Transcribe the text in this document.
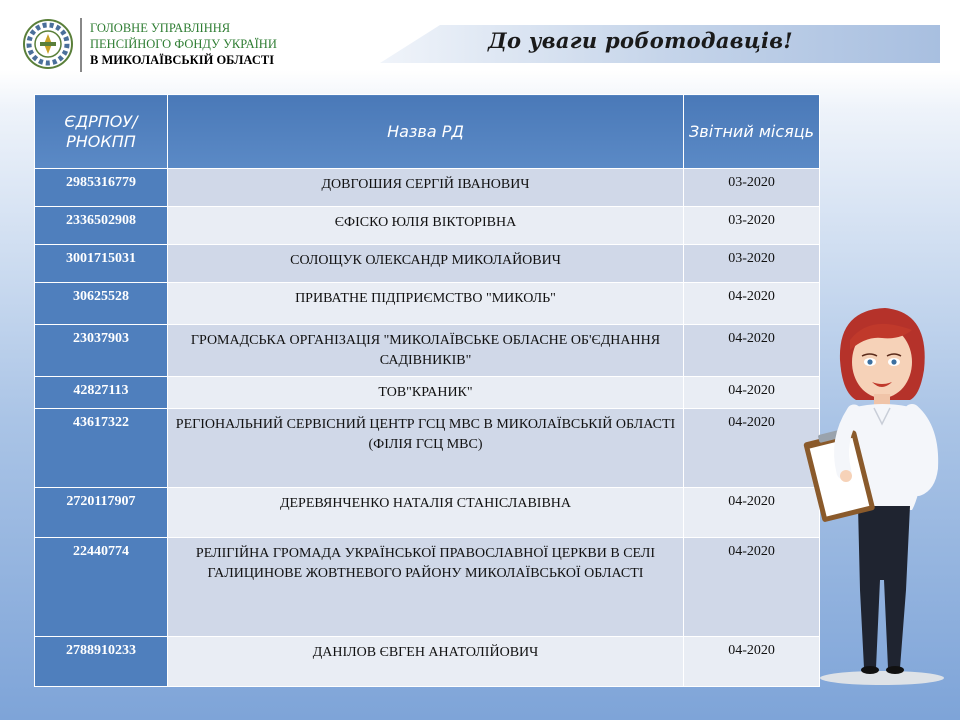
ГОЛОВНЕ УПРАВЛІННЯ
ПЕНСІЙНОГО ФОНДУ УКРАЇНИ
В МИКОЛАЇВСЬКІЙ ОБЛАСТІ
До уваги роботодавців!
ЄДРПОУ/ РНОКПП	Назва РД	Звітний місяць
2985316779	ДОВГОШИЯ СЕРГІЙ ІВАНОВИЧ	03-2020
2336502908	ЄФІСКО ЮЛІЯ ВІКТОРІВНА	03-2020
3001715031	СОЛОЩУК ОЛЕКСАНДР МИКОЛАЙОВИЧ	03-2020
30625528	ПРИВАТНЕ ПІДПРИЄМСТВО "МИКОЛЬ"	04-2020
23037903	ГРОМАДСЬКА ОРГАНІЗАЦІЯ "МИКОЛАЇВСЬКЕ ОБЛАСНЕ ОБ'ЄДНАННЯ САДІВНИКІВ"	04-2020
42827113	ТОВ"КРАНИК"	04-2020
43617322	РЕГІОНАЛЬНИЙ СЕРВІСНИЙ ЦЕНТР ГСЦ МВС В МИКОЛАЇВСЬКІЙ ОБЛАСТІ (ФІЛІЯ ГСЦ МВС)	04-2020
2720117907	ДЕРЕВЯНЧЕНКО НАТАЛІЯ СТАНІСЛАВІВНА	04-2020
22440774	РЕЛІГІЙНА ГРОМАДА УКРАЇНСЬКОЇ ПРАВОСЛАВНОЇ ЦЕРКВИ В СЕЛІ ГАЛИЦИНОВЕ ЖОВТНЕВОГО РАЙОНУ МИКОЛАЇВСЬКОЇ ОБЛАСТІ	04-2020
2788910233	ДАНІЛОВ ЄВГЕН АНАТОЛІЙОВИЧ	04-2020
